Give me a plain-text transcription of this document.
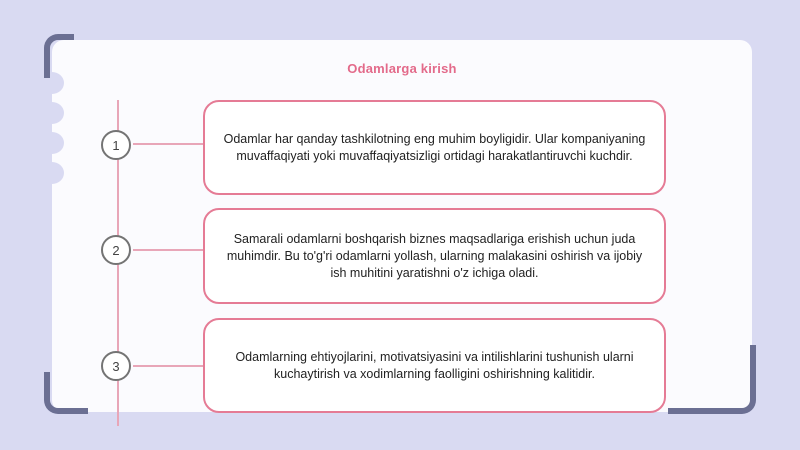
Odamlarga kirish
1
2
3
Odamlar har qanday tashkilotning eng muhim boyligidir. Ular kompaniyaning muvaffaqiyati yoki muvaffaqiyatsizligi ortidagi harakatlantiruvchi kuchdir.
Samarali odamlarni boshqarish biznes maqsadlariga erishish uchun juda muhimdir. Bu to'g'ri odamlarni yollash, ularning malakasini oshirish va ijobiy ish muhitini yaratishni o'z ichiga oladi.
Odamlarning ehtiyojlarini, motivatsiyasini va intilishlarini tushunish ularni kuchaytirish va xodimlarning faolligini oshirishning kalitidir.
